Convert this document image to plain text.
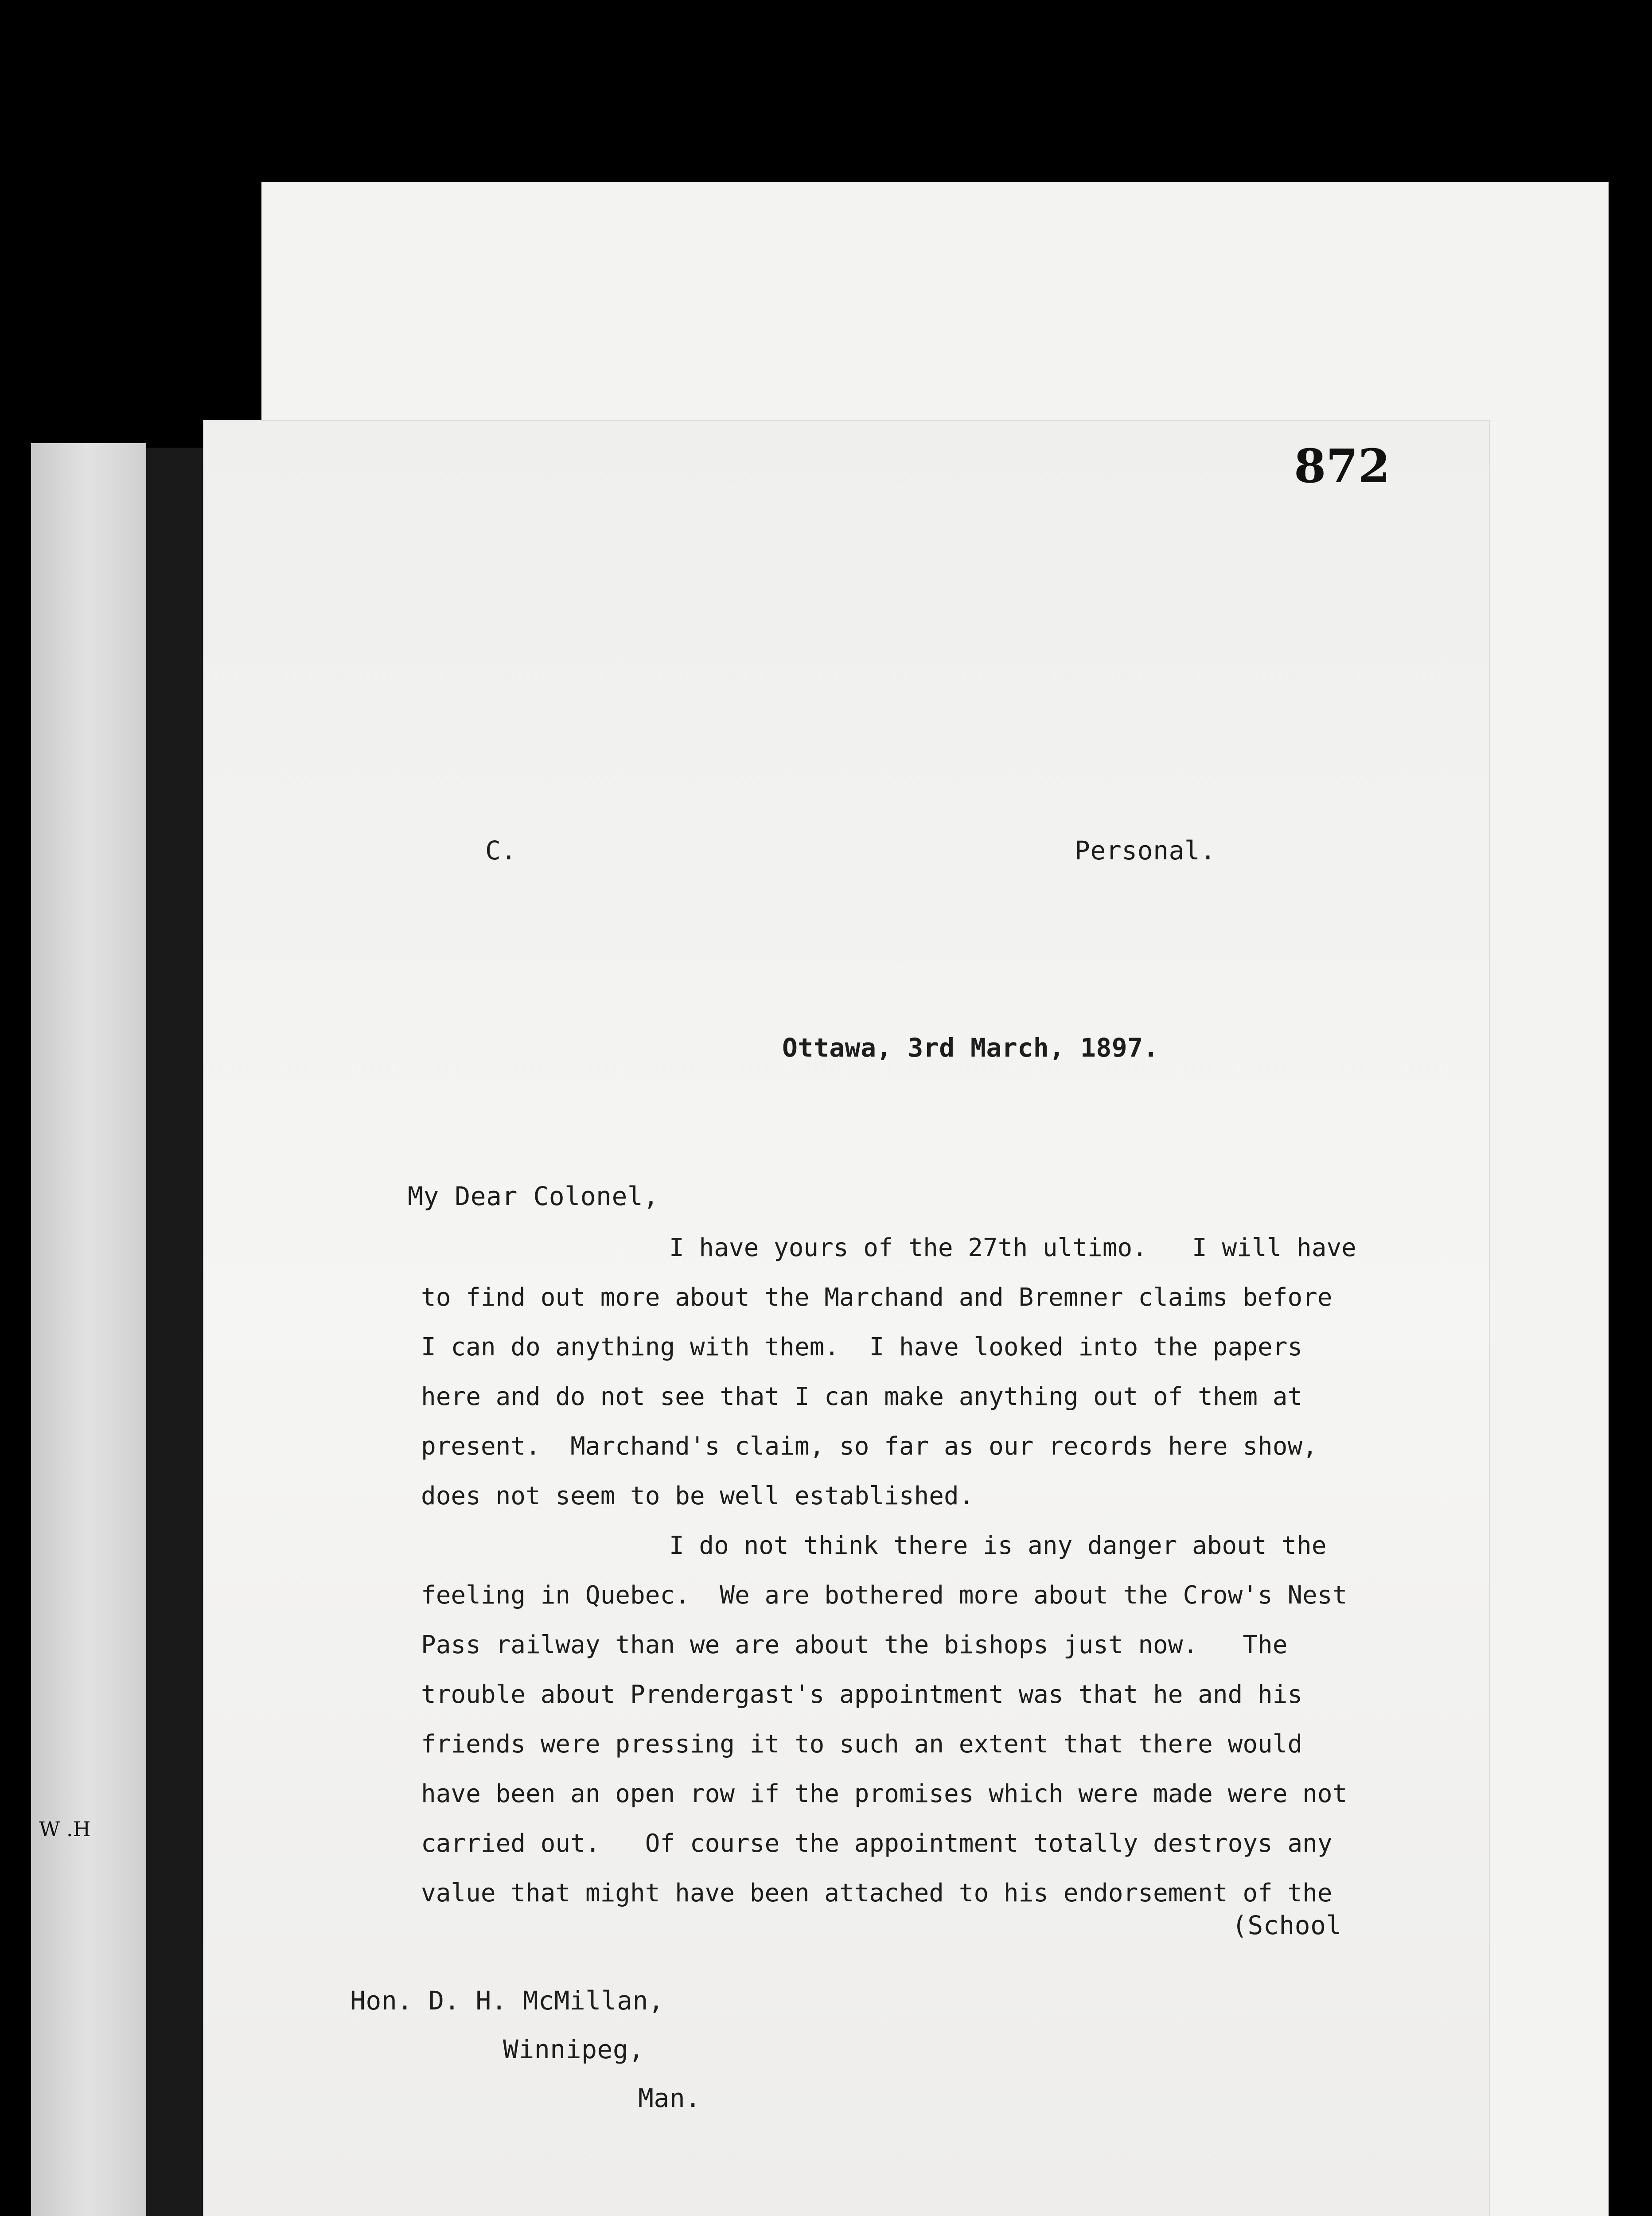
W .H
872
C.	Personal.
Ottawa, 3rd March, 1897.
My Dear Colonel,
I have yours of the 27th ultimo.   I will have
to find out more about the Marchand and Bremner claims before
I can do anything with them.  I have looked into the papers
here and do not see that I can make anything out of them at
present.  Marchand's claim, so far as our records here show,
does not seem to be well established.
I do not think there is any danger about the
feeling in Quebec.  We are bothered more about the Crow's Nest
Pass railway than we are about the bishops just now.   The
trouble about Prendergast's appointment was that he and his
friends were pressing it to such an extent that there would
have been an open row if the promises which were made were not
carried out.   Of course the appointment totally destroys any
value that might have been attached to his endorsement of the
(School
Hon. D. H. McMillan,
Winnipeg,
Man.
